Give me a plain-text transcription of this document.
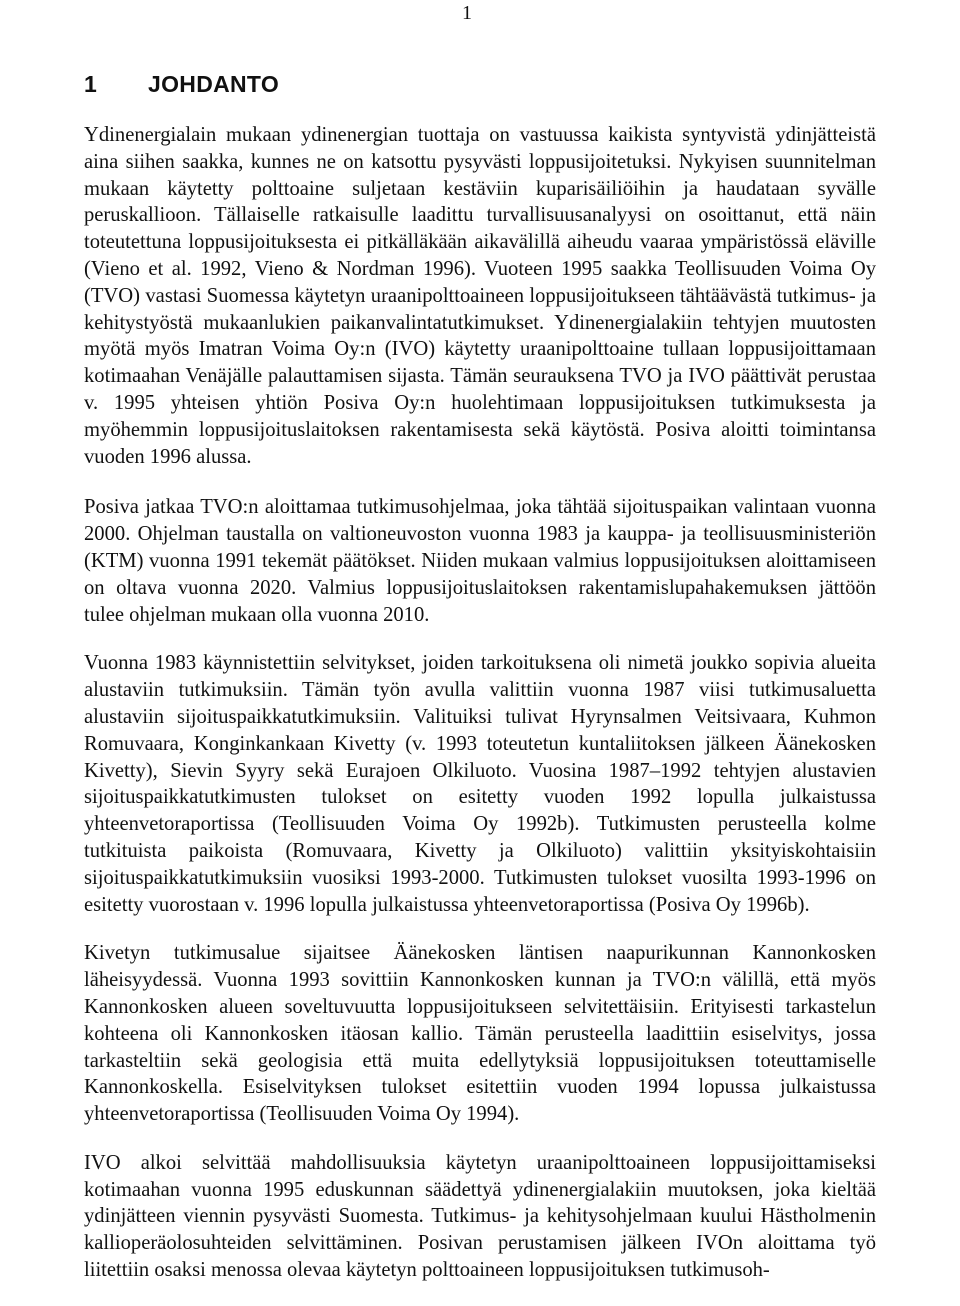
1
1 JOHDANTO

Ydinenergialain mukaan ydinenergian tuottaja on vastuussa kaikista syntyvistä ydinjätteistä aina siihen saakka, kunnes ne on katsottu pysyvästi loppusijoitetuksi. Nykyisen suunnitelman mukaan käytetty polttoaine suljetaan kestäviin kuparisäiliöihin ja haudataan syvälle peruskallioon. Tällaiselle ratkaisulle laadittu turvallisuusanalyysi on osoittanut, että näin toteutettuna loppusijoituksesta ei pitkälläkään aikavälillä aiheudu vaaraa ympäristössä eläville (Vieno et al. 1992, Vieno & Nordman 1996). Vuoteen 1995 saakka Teollisuuden Voima Oy (TVO) vastasi Suomessa käytetyn uraanipolttoaineen loppusijoitukseen tähtäävästä tutkimus- ja kehitystyöstä mukaanlukien paikanvalintatutkimukset. Ydinenergialakiin tehtyjen muutosten myötä myös Imatran Voima Oy:n (IVO) käytetty uraanipolttoaine tullaan loppusijoittamaan kotimaahan Venäjälle palauttamisen sijasta. Tämän seurauksena TVO ja IVO päättivät perustaa v. 1995 yhteisen yhtiön Posiva Oy:n huolehtimaan loppusijoituksen tutkimuksesta ja myöhemmin loppusijoituslaitoksen rakentamisesta sekä käytöstä. Posiva aloitti toimintansa vuoden 1996 alussa.

Posiva jatkaa TVO:n aloittamaa tutkimusohjelmaa, joka tähtää sijoituspaikan valintaan vuonna 2000. Ohjelman taustalla on valtioneuvoston vuonna 1983 ja kauppa- ja teollisuusministeriön (KTM) vuonna 1991 tekemät päätökset. Niiden mukaan valmius loppusijoituksen aloittamiseen on oltava vuonna 2020. Valmius loppusijoituslaitoksen rakentamislupahakemuksen jättöön tulee ohjelman mukaan olla vuonna 2010.

Vuonna 1983 käynnistettiin selvitykset, joiden tarkoituksena oli nimetä joukko sopivia alueita alustaviin tutkimuksiin. Tämän työn avulla valittiin vuonna 1987 viisi tutkimusaluetta alustaviin sijoituspaikkatutkimuksiin. Valituiksi tulivat Hyrynsalmen Veitsivaara, Kuhmon Romuvaara, Konginkankaan Kivetty (v. 1993 toteutetun kuntaliitoksen jälkeen Äänekosken Kivetty), Sievin Syyry sekä Eurajoen Olkiluoto. Vuosina 1987–1992 tehtyjen alustavien sijoituspaikkatutkimusten tulokset on esitetty vuoden 1992 lopulla julkaistussa yhteenvetoraportissa (Teollisuuden Voima Oy 1992b). Tutkimusten perusteella kolme tutkituista paikoista (Romuvaara, Kivetty ja Olkiluoto) valittiin yksityiskohtaisiin sijoituspaikkatutkimuksiin vuosiksi 1993-2000. Tutkimusten tulokset vuosilta 1993-1996 on esitetty vuorostaan v. 1996 lopulla julkaistussa yhteenvetoraportissa (Posiva Oy 1996b).

Kivetyn tutkimusalue sijaitsee Äänekosken läntisen naapurikunnan Kannonkosken läheisyydessä. Vuonna 1993 sovittiin Kannonkosken kunnan ja TVO:n välillä, että myös Kannonkosken alueen soveltuvuutta loppusijoitukseen selvitettäisiin. Erityisesti tarkastelun kohteena oli Kannonkosken itäosan kallio. Tämän perusteella laadittiin esiselvitys, jossa tarkasteltiin sekä geologisia että muita edellytyksiä loppusijoituksen toteuttamiselle Kannonkoskella. Esiselvityksen tulokset esitettiin vuoden 1994 lopussa julkaistussa yhteenvetoraportissa (Teollisuuden Voima Oy 1994).

IVO alkoi selvittää mahdollisuuksia käytetyn uraanipolttoaineen loppusijoittamiseksi kotimaahan vuonna 1995 eduskunnan säädettyä ydinenergialakiin muutoksen, joka kieltää ydinjätteen viennin pysyvästi Suomesta. Tutkimus- ja kehitysohjelmaan kuului Hästholmenin kallioperäolosuhteiden selvittäminen. Posivan perustamisen jälkeen IVOn aloittama työ liitettiin osaksi menossa olevaa käytetyn polttoaineen loppusijoituksen tutkimusoh-
